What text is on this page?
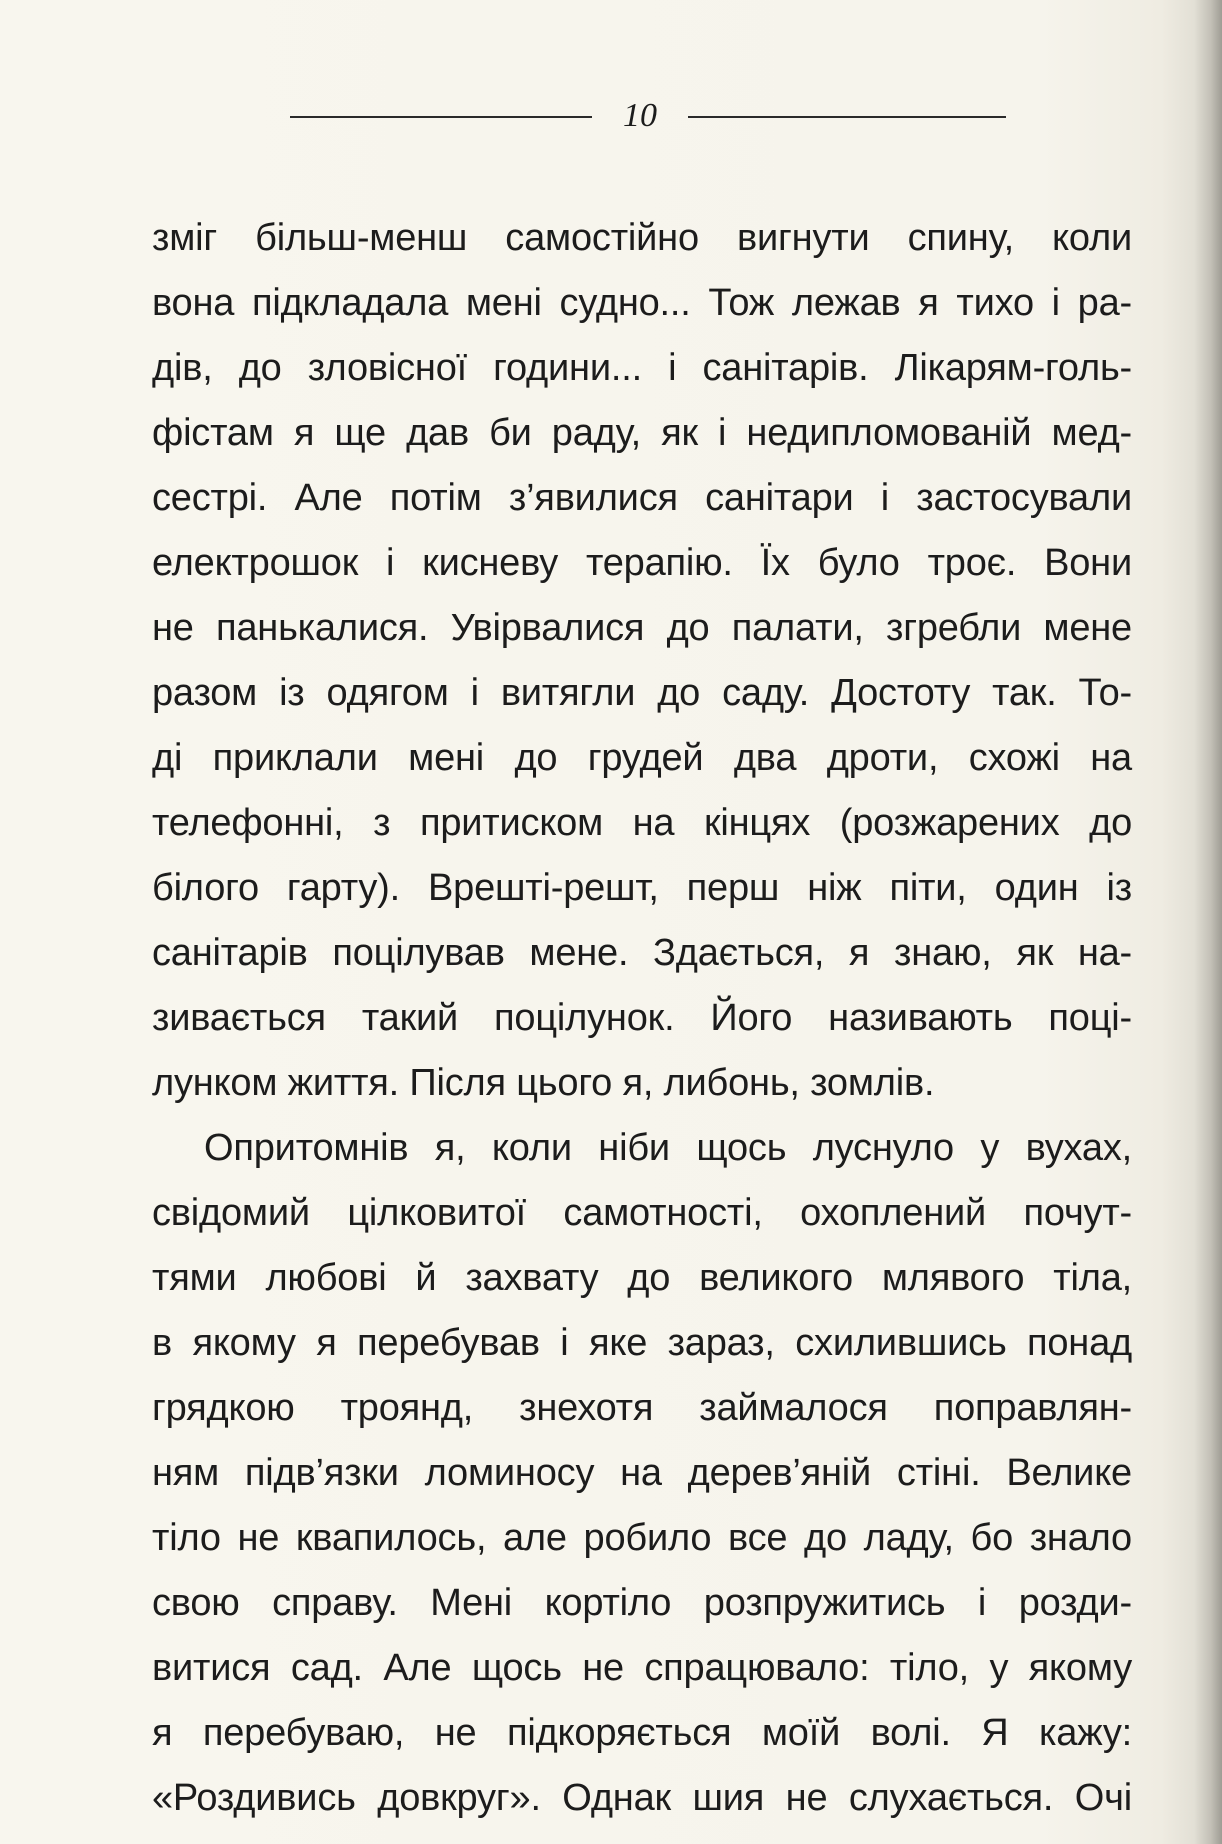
10
зміг більш-менш самостійно вигнути спину, коли
вона підкладала мені судно... Тож лежав я тихо і ра-
дів, до зловісної години... і санітарів. Лікарям-голь-
фістам я ще дав би раду, як і недипломованій мед-
сестрі. Але потім з’явилися санітари і застосували
електрошок і кисневу терапію. Їх було троє. Вони
не панькалися. Увірвалися до палати, згребли мене
разом із одягом і витягли до саду. Достоту так. То-
ді приклали мені до грудей два дроти, схожі на
телефонні, з притиском на кінцях (розжарених до
білого гарту). Врешті-решт, перш ніж піти, один із
санітарів поцілував мене. Здається, я знаю, як на-
зивається такий поцілунок. Його називають поці-
лунком життя. Після цього я, либонь, зомлів.
Опритомнів я, коли ніби щось луснуло у вухах,
свідомий цілковитої самотності, охоплений почут-
тями любові й захвату до великого млявого тіла,
в якому я перебував і яке зараз, схилившись понад
грядкою троянд, знехотя займалося поправлян-
ням підв’язки ломиносу на дерев’яній стіні. Велике
тіло не квапилось, але робило все до ладу, бо знало
свою справу. Мені кортіло розпружитись і розди-
витися сад. Але щось не спрацювало: тіло, у якому
я перебуваю, не підкоряється моїй волі. Я кажу:
«Роздивись довкруг». Однак шия не слухається. Очі
